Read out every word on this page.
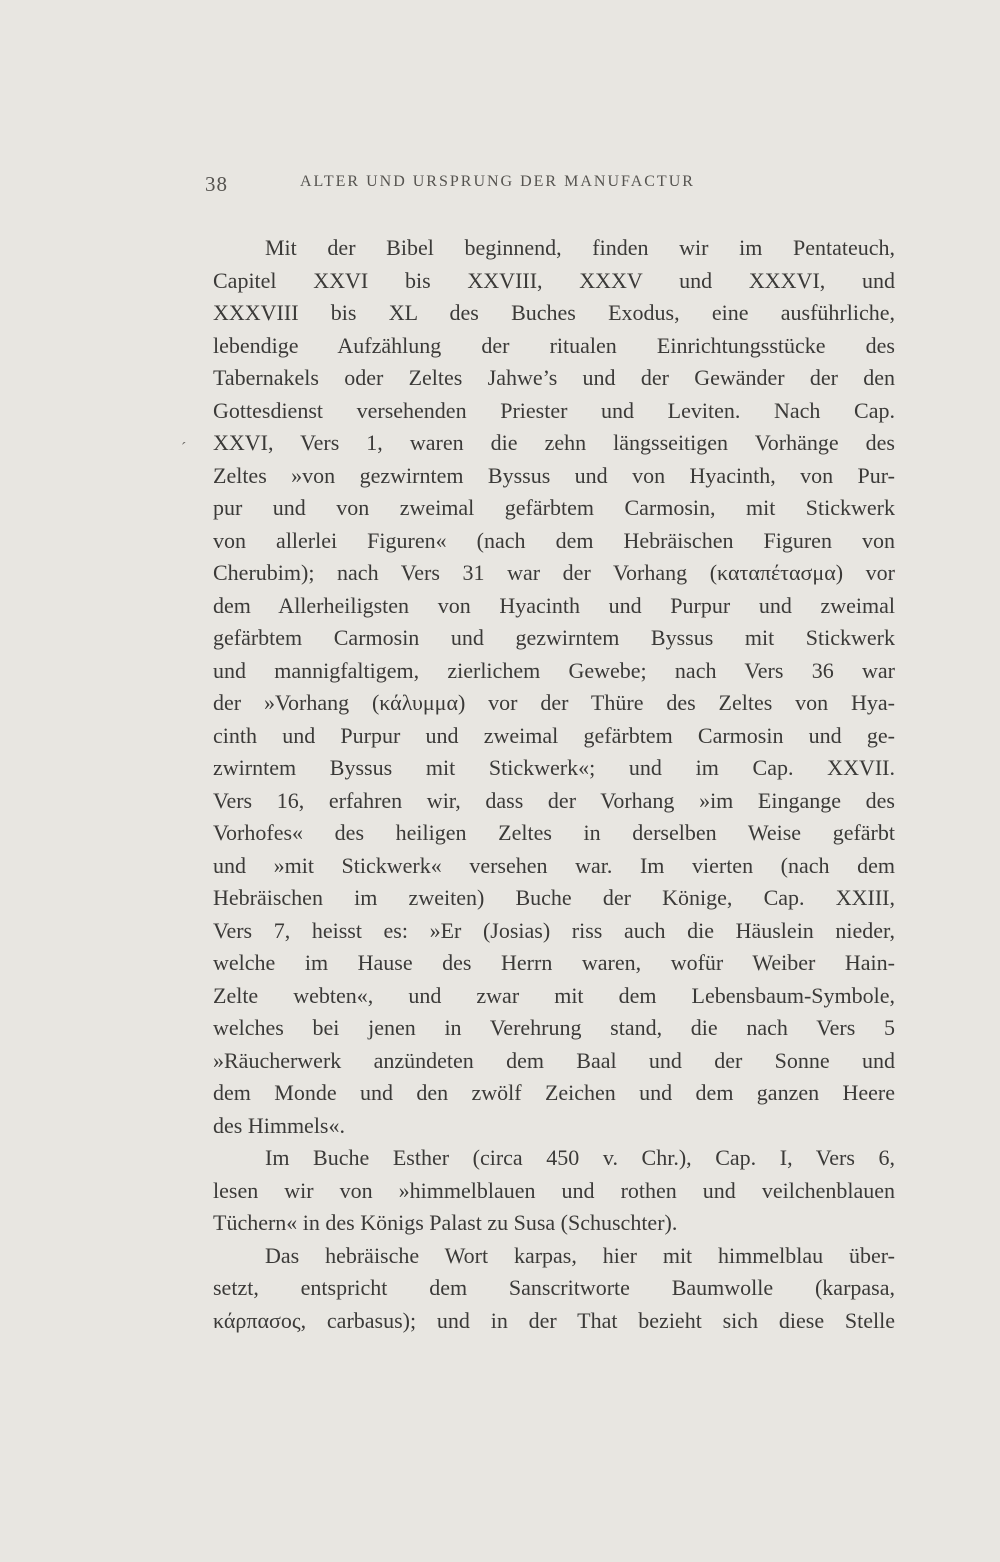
38	ALTER UND URSPRUNG DER MANUFACTUR
ˊ
Mit der Bibel beginnend, finden wir im Pentateuch,
Capitel XXVI bis XXVIII, XXXV und XXXVI, und
XXXVIII bis XL des Buches Exodus, eine ausführliche,
lebendige Aufzählung der ritualen Einrichtungsstücke des
Tabernakels oder Zeltes Jahwe’s und der Gewänder der den
Gottesdienst versehenden Priester und Leviten. Nach Cap.
XXVI, Vers 1, waren die zehn längsseitigen Vorhänge des
Zeltes »von gezwirntem Byssus und von Hyacinth, von Pur-
pur und von zweimal gefärbtem Carmosin, mit Stickwerk
von allerlei Figuren« (nach dem Hebräischen Figuren von
Cherubim); nach Vers 31 war der Vorhang (καταπέτασμα) vor
dem Allerheiligsten von Hyacinth und Purpur und zweimal
gefärbtem Carmosin und gezwirntem Byssus mit Stickwerk
und mannigfaltigem, zierlichem Gewebe; nach Vers 36 war
der »Vorhang (κάλυμμα) vor der Thüre des Zeltes von Hya-
cinth und Purpur und zweimal gefärbtem Carmosin und ge-
zwirntem Byssus mit Stickwerk«; und im Cap. XXVII.
Vers 16, erfahren wir, dass der Vorhang »im Eingange des
Vorhofes« des heiligen Zeltes in derselben Weise gefärbt
und »mit Stickwerk« versehen war. Im vierten (nach dem
Hebräischen im zweiten) Buche der Könige, Cap. XXIII,
Vers 7, heisst es: »Er (Josias) riss auch die Häuslein nieder,
welche im Hause des Herrn waren, wofür Weiber Hain-
Zelte webten«, und zwar mit dem Lebensbaum-Symbole,
welches bei jenen in Verehrung stand, die nach Vers 5
»Räucherwerk anzündeten dem Baal und der Sonne und
dem Monde und den zwölf Zeichen und dem ganzen Heere
des Himmels«.
Im Buche Esther (circa 450 v. Chr.), Cap. I, Vers 6,
lesen wir von »himmelblauen und rothen und veilchenblauen
Tüchern« in des Königs Palast zu Susa (Schuschter).
Das hebräische Wort karpas, hier mit himmelblau über-
setzt, entspricht dem Sanscritworte Baumwolle (karpasa,
κάρπασος, carbasus); und in der That bezieht sich diese Stelle
